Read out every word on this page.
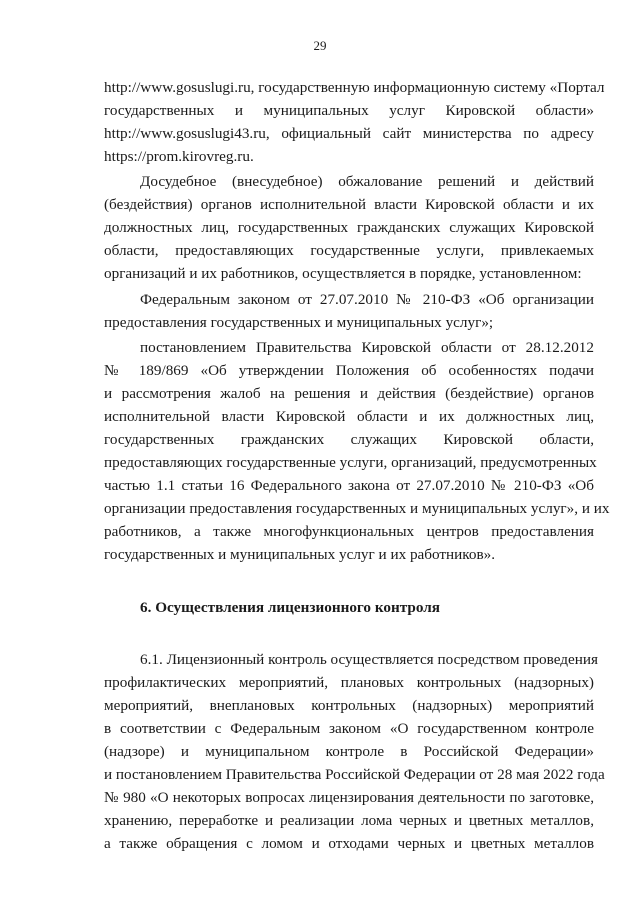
29
http://www.gosuslugi.ru, государственную информационную систему «Портал
государственных и муниципальных услуг Кировской области»
http://www.gosuslugi43.ru, официальный сайт министерства по адресу
https://prom.kirovreg.ru.
Досудебное (внесудебное) обжалование решений и действий
(бездействия) органов исполнительной власти Кировской области и их
должностных лиц, государственных гражданских служащих Кировской
области, предоставляющих государственные услуги, привлекаемых
организаций и их работников, осуществляется в порядке, установленном:
Федеральным законом от 27.07.2010 № 210-ФЗ «Об организации
предоставления государственных и муниципальных услуг»;
постановлением Правительства Кировской области от 28.12.2012
№ 189/869 «Об утверждении Положения об особенностях подачи
и рассмотрения жалоб на решения и действия (бездействие) органов
исполнительной власти Кировской области и их должностных лиц,
государственных гражданских служащих Кировской области,
предоставляющих государственные услуги, организаций, предусмотренных
частью 1.1 статьи 16 Федерального закона от 27.07.2010 № 210-ФЗ «Об
организации предоставления государственных и муниципальных услуг», и их
работников, а также многофункциональных центров предоставления
государственных и муниципальных услуг и их работников».
6. Осуществления лицензионного контроля
6.1. Лицензионный контроль осуществляется посредством проведения
профилактических мероприятий, плановых контрольных (надзорных)
мероприятий, внеплановых контрольных (надзорных) мероприятий
в соответствии с Федеральным законом «О государственном контроле
(надзоре) и муниципальном контроле в Российской Федерации»
и постановлением Правительства Российской Федерации от 28 мая 2022 года
№ 980 «О некоторых вопросах лицензирования деятельности по заготовке,
хранению, переработке и реализации лома черных и цветных металлов,
а также обращения с ломом и отходами черных и цветных металлов
